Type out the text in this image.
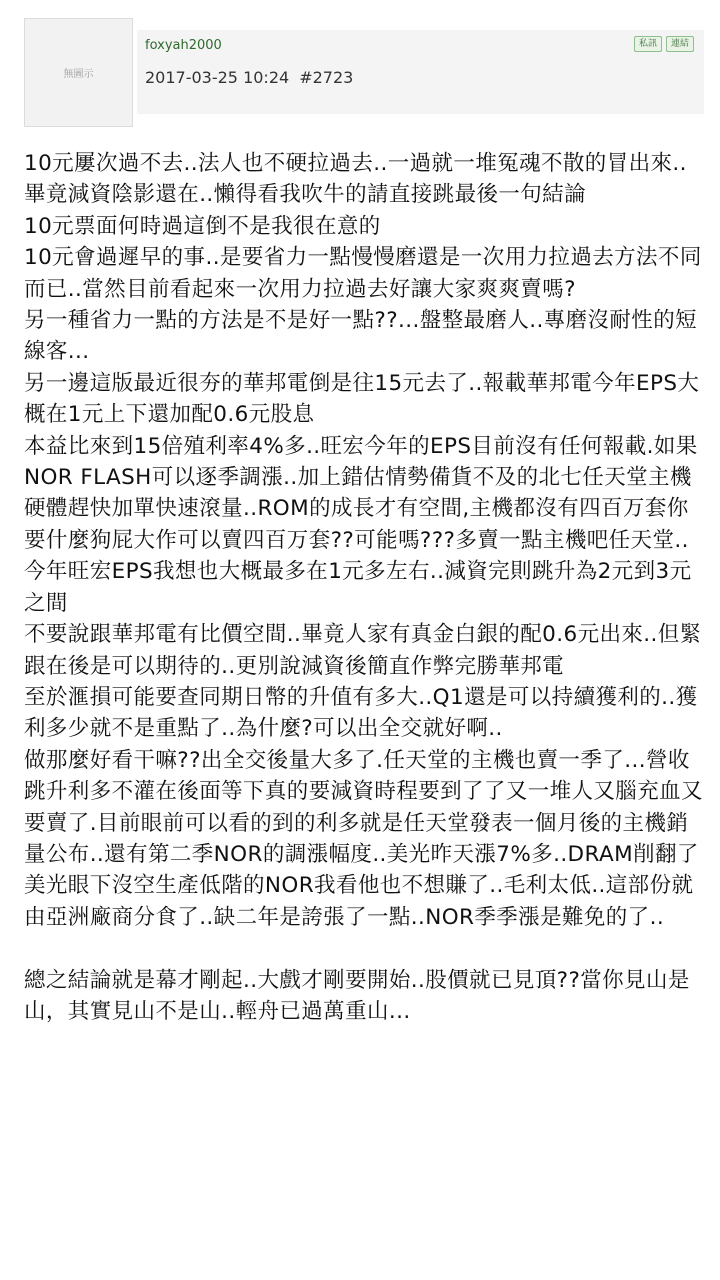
無圖示
foxyah2000
2017-03-25 10:24 #2723
私訊	連結

10元屢次過不去..法人也不硬拉過去..一過就一堆冤魂不散的冒出來..畢竟減資陰影還在..懶得看我吹牛的請直接跳最後一句結論

10元票面何時過這倒不是我很在意的

10元會過遲早的事..是要省力一點慢慢磨還是一次用力拉過去方法不同而已..當然目前看起來一次用力拉過去好讓大家爽爽賣嗎?

另一種省力一點的方法是不是好一點??...盤整最磨人..專磨沒耐性的短線客...

另一邊這版最近很夯的華邦電倒是往15元去了..報載華邦電今年EPS大概在1元上下還加配0.6元股息

本益比來到15倍殖利率4%多..旺宏今年的EPS目前沒有任何報載.如果NOR FLASH可以逐季調漲..加上錯估情勢備貨不及的北七任天堂主機硬體趕快加單快速滾量..ROM的成長才有空間,主機都沒有四百万套你要什麼狗屁大作可以賣四百万套??可能嗎???多賣一點主機吧任天堂..今年旺宏EPS我想也大概最多在1元多左右..減資完則跳升為2元到3元之間

不要說跟華邦電有比價空間..畢竟人家有真金白銀的配0.6元出來..但緊跟在後是可以期待的..更別說減資後簡直作弊完勝華邦電

至於滙損可能要查同期日幣的升值有多大..Q1還是可以持續獲利的..獲利多少就不是重點了..為什麼?可以出全交就好啊..

做那麼好看干嘛??出全交後量大多了.任天堂的主機也賣一季了...營收跳升利多不灌在後面等下真的要減資時程要到了了又一堆人又腦充血又要賣了.目前眼前可以看的到的利多就是任天堂發表一個月後的主機銷量公布..還有第二季NOR的調漲幅度..美光昨天漲7%多..DRAM削翻了美光眼下沒空生產低階的NOR我看他也不想賺了..毛利太低..這部份就由亞洲廠商分食了..缺二年是誇張了一點..NOR季季漲是難免的了..

總之結論就是幕才剛起..大戲才剛要開始..股價就已見頂??當你見山是山，其實見山不是山..輕舟已過萬重山...
